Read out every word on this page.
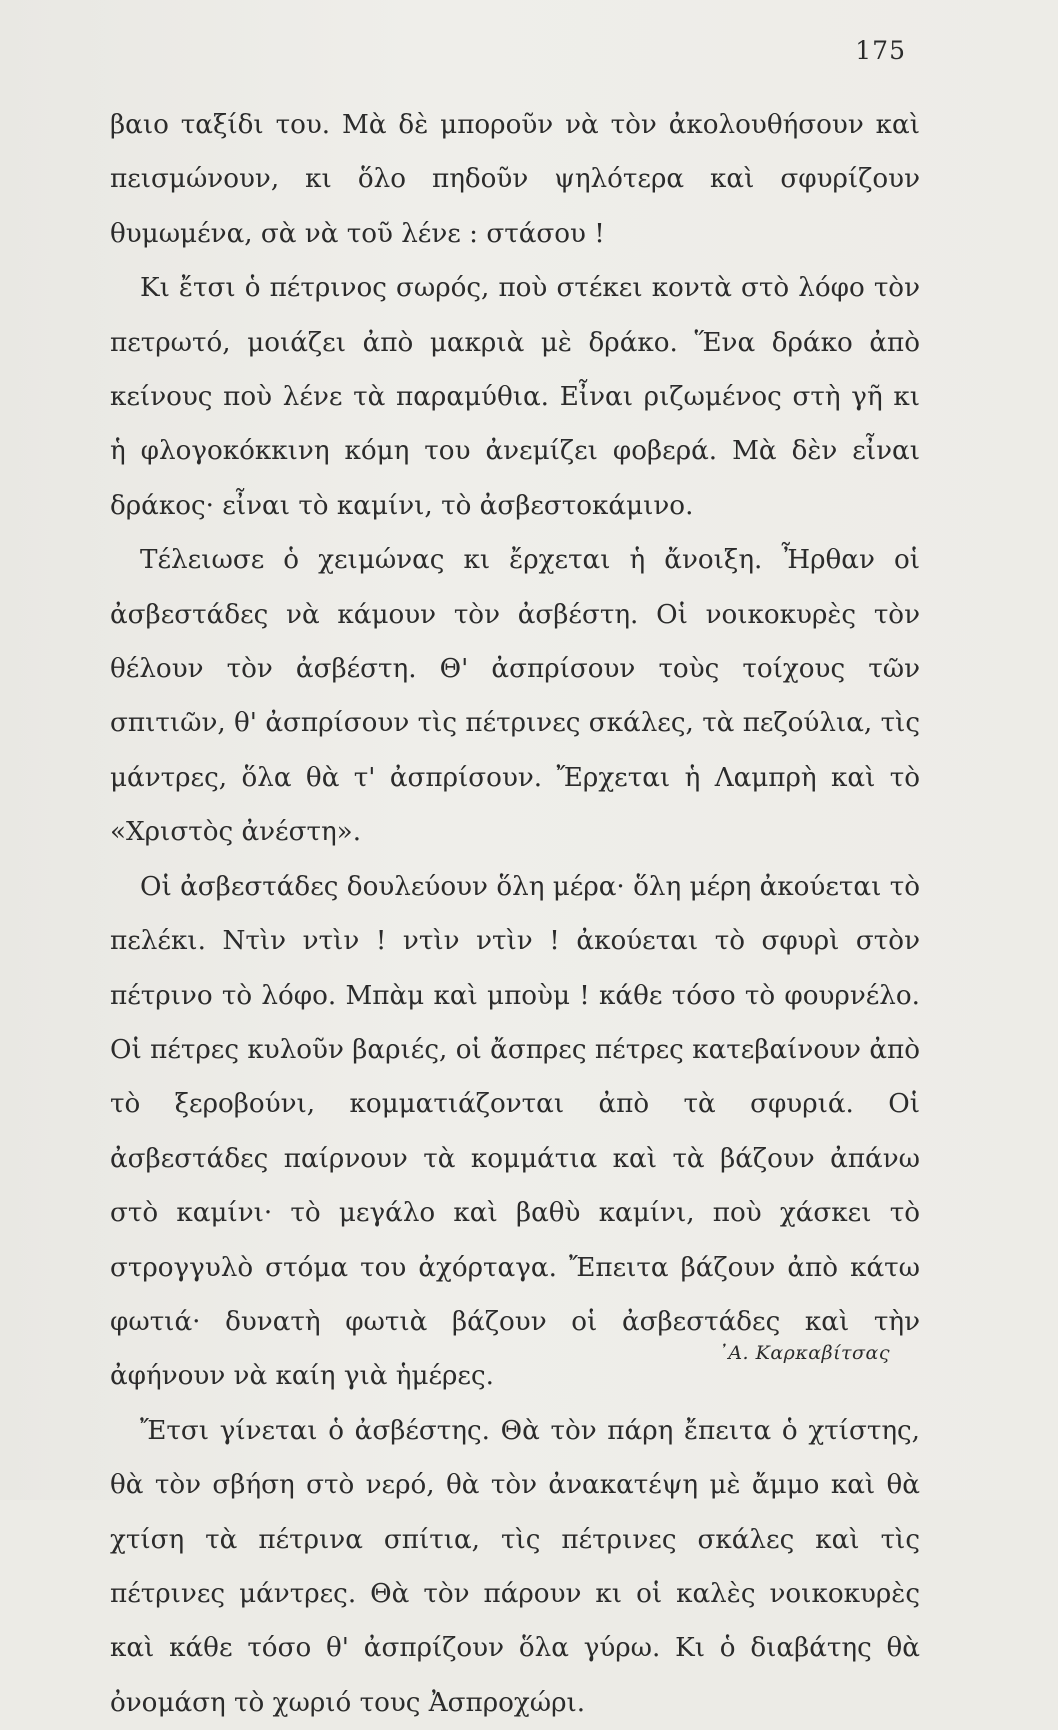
175

βαιο ταξίδι του. Μὰ δὲ μποροῦν νὰ τὸν ἀκολουθήσουν καὶ πεισμώνουν, κι ὅλο πηδοῦν ψηλότερα καὶ σφυρίζουν θυμωμένα, σὰ νὰ τοῦ λένε : στάσου !

Κι ἔτσι ὁ πέτρινος σωρός, ποὺ στέκει κοντὰ στὸ λόφο τὸν πετρωτό, μοιάζει ἀπὸ μακριὰ μὲ δράκο. Ἕνα δράκο ἀπὸ κείνους ποὺ λένε τὰ παραμύθια. Εἶναι ριζωμένος στὴ γῆ κι ἡ φλογοκόκκινη κόμη του ἀνεμίζει φοβερά. Μὰ δὲν εἶναι δράκος· εἶναι τὸ καμίνι, τὸ ἀσβεστοκάμινο.

Τέλειωσε ὁ χειμώνας κι ἔρχεται ἡ ἄνοιξη. Ἦρθαν οἱ ἀσβεστάδες νὰ κάμουν τὸν ἀσβέστη. Οἱ νοικοκυρὲς τὸν θέλουν τὸν ἀσβέστη. Θ' ἀσπρίσουν τοὺς τοίχους τῶν σπιτιῶν, θ' ἀσπρίσουν τὶς πέτρινες σκάλες, τὰ πεζούλια, τὶς μάντρες, ὅλα θὰ τ' ἀσπρίσουν. Ἔρχεται ἡ Λαμπρὴ καὶ τὸ «Χριστὸς ἀνέστη».

Οἱ ἀσβεστάδες δουλεύουν ὅλη μέρα· ὅλη μέρη ἀκούεται τὸ πελέκι. Ντὶν ντὶν ! ντὶν ντὶν ! ἀκούεται τὸ σφυρὶ στὸν πέτρινο τὸ λόφο. Μπὰμ καὶ μποὺμ ! κάθε τόσο τὸ φουρνέλο. Οἱ πέτρες κυλοῦν βαριές, οἱ ἄσπρες πέτρες κατεβαίνουν ἀπὸ τὸ ξεροβούνι, κομματιάζονται ἀπὸ τὰ σφυριά. Οἱ ἀσβεστάδες παίρνουν τὰ κομμάτια καὶ τὰ βάζουν ἀπάνω στὸ καμίνι· τὸ μεγάλο καὶ βαθὺ καμίνι, ποὺ χάσκει τὸ στρογγυλὸ στόμα του ἀχόρταγα. Ἔπειτα βάζουν ἀπὸ κάτω φωτιά· δυνατὴ φωτιὰ βάζουν οἱ ἀσβεστάδες καὶ τὴν ἀφήνουν νὰ καίη γιὰ ἡμέρες.

Ἔτσι γίνεται ὁ ἀσβέστης. Θὰ τὸν πάρη ἔπειτα ὁ χτίστης, θὰ τὸν σβήση στὸ νερό, θὰ τὸν ἀνακατέψη μὲ ἄμμο καὶ θὰ χτίση τὰ πέτρινα σπίτια, τὶς πέτρινες σκάλες καὶ τὶς πέτρινες μάντρες. Θὰ τὸν πάρουν κι οἱ καλὲς νοικοκυρὲς καὶ κάθε τόσο θ' ἀσπρίζουν ὅλα γύρω. Κι ὁ διαβάτης θὰ ὀνομάση τὸ χωριό τους Ἀσπροχώρι.

᾽Α. Καρκαβίτσας
